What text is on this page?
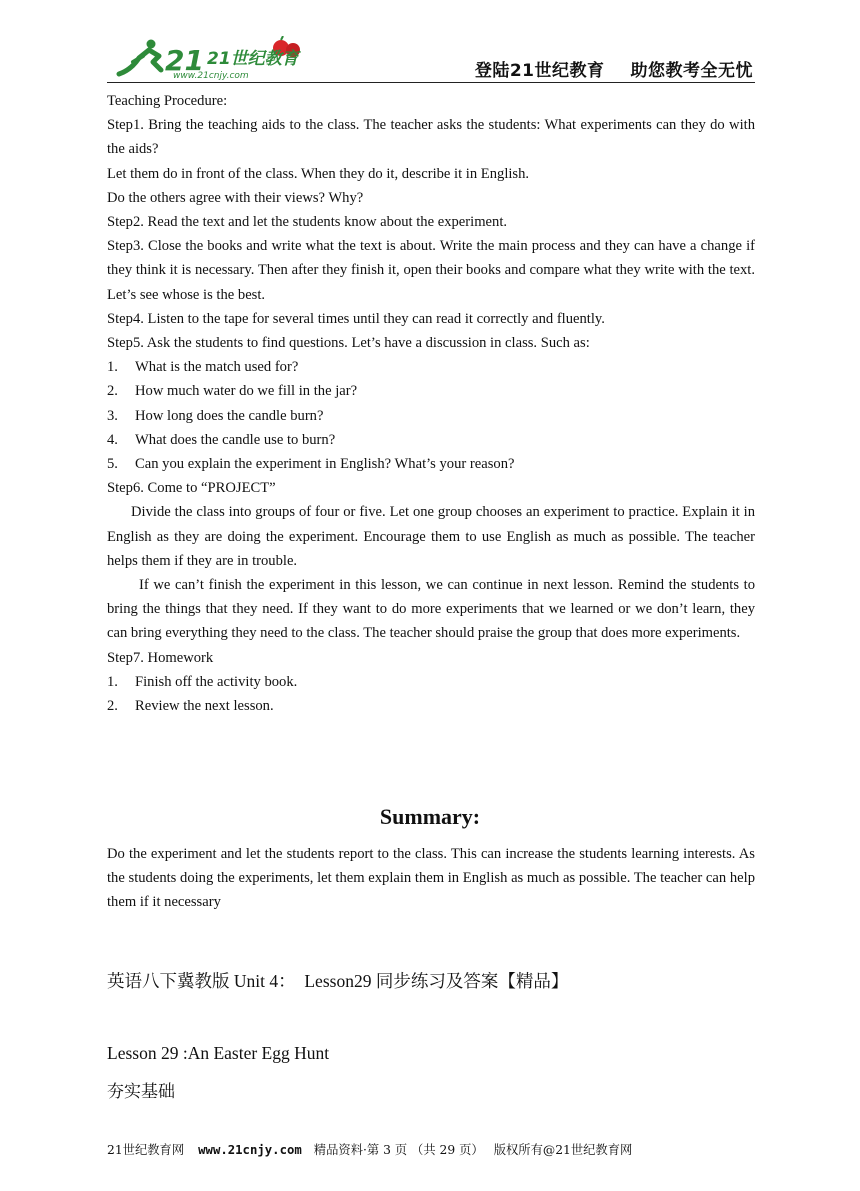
21 21世纪教育
www.21cnjy.com	登陆21世纪教育 助您教考全无忧

Teaching Procedure:

Step1. Bring the teaching aids to the class. The teacher asks the students: What experiments can they do with the aids?

Let them do in front of the class. When they do it, describe it in English.

Do the others agree with their views? Why?

Step2. Read the text and let the students know about the experiment.

Step3. Close the books and write what the text is about. Write the main process and they can have a change if they think it is necessary. Then after they finish it, open their books and compare what they write with the text. Let’s see whose is the best.

Step4. Listen to the tape for several times until they can read it correctly and fluently.

Step5. Ask the students to find questions. Let’s have a discussion in class. Such as:

1.	What is the match used for?
2.	How much water do we fill in the jar?
3.	How long does the candle burn?
4.	What does the candle use to burn?
5.	Can you explain the experiment in English? What’s your reason?

Step6. Come to “PROJECT”

Divide the class into groups of four or five. Let one group chooses an experiment to practice. Explain it in English as they are doing the experiment. Encourage them to use English as much as possible. The teacher helps them if they are in trouble.

If we can’t finish the experiment in this lesson, we can continue in next lesson. Remind the students to bring the things that they need. If they want to do more experiments that we learned or we don’t learn, they can bring everything they need to the class. The teacher should praise the group that does more experiments.

Step7. Homework

1.	Finish off the activity book.
2.	Review the next lesson.
Summary:

Do the experiment and let the students report to the class. This can increase the students learning interests. As the students doing the experiments, let them explain them in English as much as possible. The teacher can help them if it necessary

英语八下冀教版 Unit 4：  Lesson29 同步练习及答案【精品】
Lesson 29 :An Easter Egg Hunt
夯实基础
21世纪教育网 www.21cnjy.com 精品资料·第 3 页 （共 29 页） 版权所有@21世纪教育网
